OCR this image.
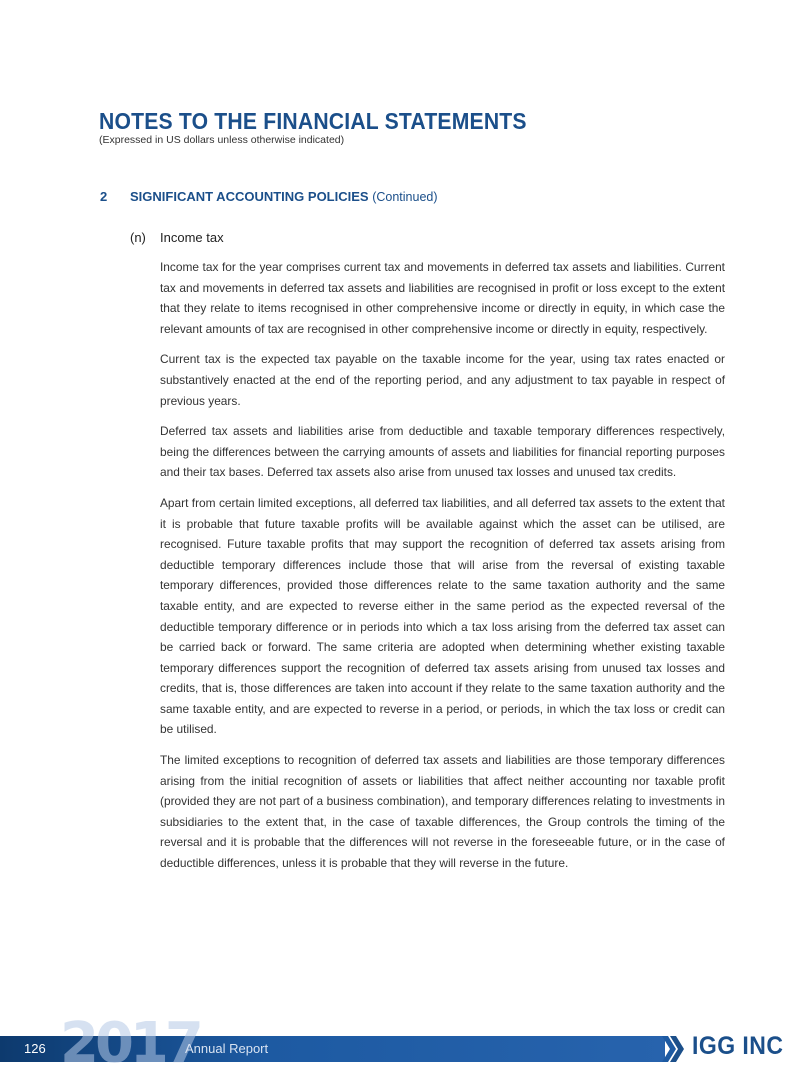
NOTES TO THE FINANCIAL STATEMENTS
(Expressed in US dollars unless otherwise indicated)
2 SIGNIFICANT ACCOUNTING POLICIES (Continued)
(n) Income tax

Income tax for the year comprises current tax and movements in deferred tax assets and liabilities. Current tax and movements in deferred tax assets and liabilities are recognised in profit or loss except to the extent that they relate to items recognised in other comprehensive income or directly in equity, in which case the relevant amounts of tax are recognised in other comprehensive income or directly in equity, respectively.

Current tax is the expected tax payable on the taxable income for the year, using tax rates enacted or substantively enacted at the end of the reporting period, and any adjustment to tax payable in respect of previous years.

Deferred tax assets and liabilities arise from deductible and taxable temporary differences respectively, being the differences between the carrying amounts of assets and liabilities for financial reporting purposes and their tax bases. Deferred tax assets also arise from unused tax losses and unused tax credits.

Apart from certain limited exceptions, all deferred tax liabilities, and all deferred tax assets to the extent that it is probable that future taxable profits will be available against which the asset can be utilised, are recognised. Future taxable profits that may support the recognition of deferred tax assets arising from deductible temporary differences include those that will arise from the reversal of existing taxable temporary differences, provided those differences relate to the same taxation authority and the same taxable entity, and are expected to reverse either in the same period as the expected reversal of the deductible temporary difference or in periods into which a tax loss arising from the deferred tax asset can be carried back or forward. The same criteria are adopted when determining whether existing taxable temporary differences support the recognition of deferred tax assets arising from unused tax losses and credits, that is, those differences are taken into account if they relate to the same taxation authority and the same taxable entity, and are expected to reverse in a period, or periods, in which the tax loss or credit can be utilised.

The limited exceptions to recognition of deferred tax assets and liabilities are those temporary differences arising from the initial recognition of assets or liabilities that affect neither accounting nor taxable profit (provided they are not part of a business combination), and temporary differences relating to investments in subsidiaries to the extent that, in the case of taxable differences, the Group controls the timing of the reversal and it is probable that the differences will not reverse in the foreseeable future, or in the case of deductible differences, unless it is probable that they will reverse in the future.

2017
126	Annual Report	IGG INC
